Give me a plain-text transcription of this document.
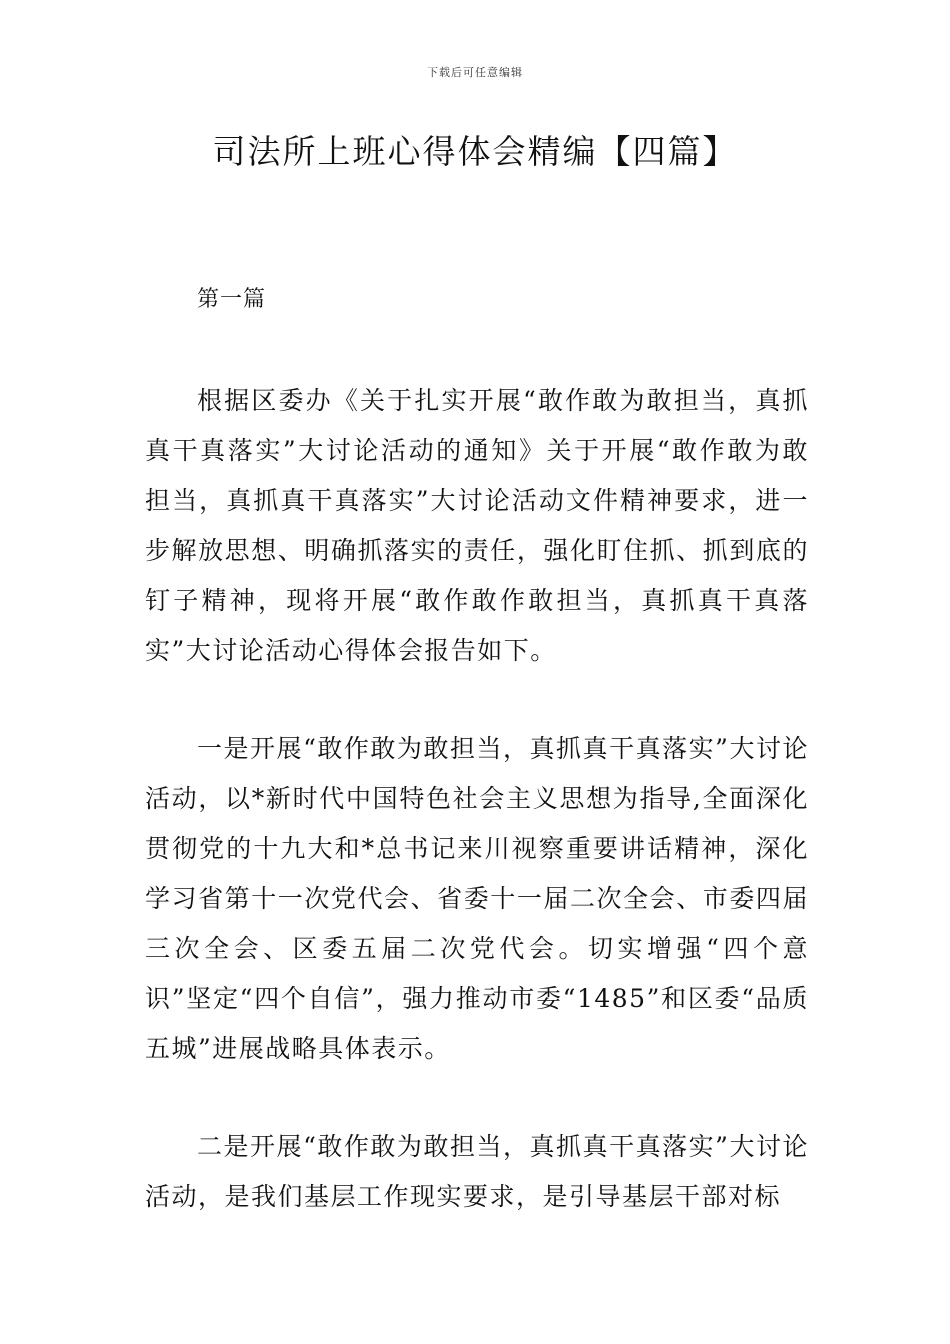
下载后可任意编辑
司法所上班心得体会精编【四篇】
第一篇

根据区委办《关于扎实开展“敢作敢为敢担当，真抓真干真落实”大讨论活动的通知》关于开展“敢作敢为敢担当，真抓真干真落实”大讨论活动文件精神要求，进一步解放思想、明确抓落实的责任，强化盯住抓、抓到底的钉子精神，现将开展“敢作敢作敢担当，真抓真干真落实”大讨论活动心得体会报告如下。

一是开展“敢作敢为敢担当，真抓真干真落实”大讨论活动，以*新时代中国特色社会主义思想为指导,全面深化贯彻党的十九大和*总书记来川视察重要讲话精神，深化学习省第十一次党代会、省委十一届二次全会、市委四届三次全会、区委五届二次党代会。切实增强“四个意识”坚定“四个自信”，强力推动市委“1485”和区委“品质五城”进展战略具体表示。

二是开展“敢作敢为敢担当，真抓真干真落实”大讨论活动，是我们基层工作现实要求，是引导基层干部对标
